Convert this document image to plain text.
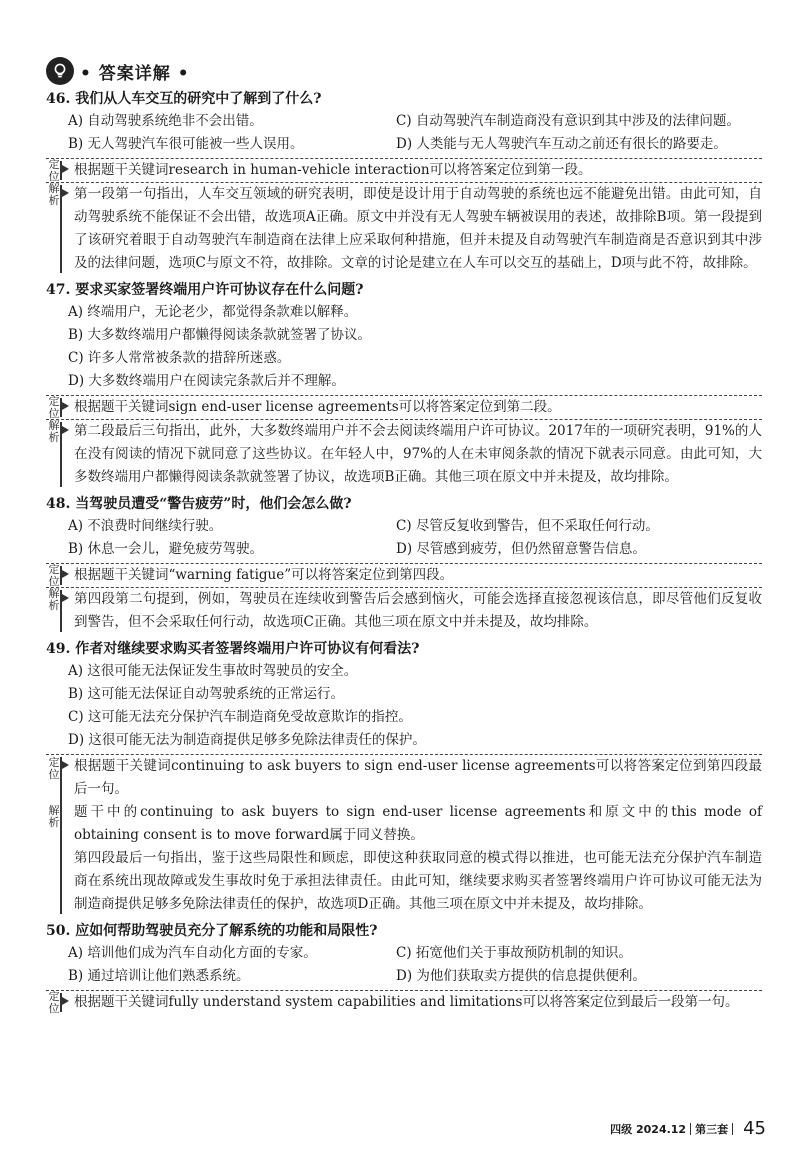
• 答案详解 •

46. 我们从人车交互的研究中了解到了什么?

A) 自动驾驶系统绝非不会出错。	C) 自动驾驶汽车制造商没有意识到其中涉及的法律问题。
B) 无人驾驶汽车很可能被一些人误用。	D) 人类能与无人驾驶汽车互动之前还有很长的路要走。
定位 根据题干关键词research in human-vehicle interaction可以将答案定位到第一段。

解析 第一段第一句指出，人车交互领域的研究表明，即使是设计用于自动驾驶的系统也远不能避免出错。由此可知，自动驾驶系统不能保证不会出错，故选项A正确。原文中并没有无人驾驶车辆被误用的表述，故排除B项。第一段提到了该研究着眼于自动驾驶汽车制造商在法律上应采取何种措施，但并未提及自动驾驶汽车制造商是否意识到其中涉及的法律问题，选项C与原文不符，故排除。文章的讨论是建立在人车可以交互的基础上，D项与此不符，故排除。

47. 要求买家签署终端用户许可协议存在什么问题?

A) 终端用户，无论老少，都觉得条款难以解释。
B) 大多数终端用户都懒得阅读条款就签署了协议。
C) 许多人常常被条款的措辞所迷惑。
D) 大多数终端用户在阅读完条款后并不理解。
定位 根据题干关键词sign end-user license agreements可以将答案定位到第二段。

解析 第二段最后三句指出，此外，大多数终端用户并不会去阅读终端用户许可协议。2017年的一项研究表明，91%的人在没有阅读的情况下就同意了这些协议。在年轻人中，97%的人在未审阅条款的情况下就表示同意。由此可知，大多数终端用户都懒得阅读条款就签署了协议，故选项B正确。其他三项在原文中并未提及，故均排除。

48. 当驾驶员遭受“警告疲劳”时，他们会怎么做?

A) 不浪费时间继续行驶。	C) 尽管反复收到警告，但不采取任何行动。
B) 休息一会儿，避免疲劳驾驶。	D) 尽管感到疲劳，但仍然留意警告信息。
定位 根据题干关键词“warning fatigue”可以将答案定位到第四段。

解析 第四段第二句提到，例如，驾驶员在连续收到警告后会感到恼火，可能会选择直接忽视该信息，即尽管他们反复收到警告，但不会采取任何行动，故选项C正确。其他三项在原文中并未提及，故均排除。

49. 作者对继续要求购买者签署终端用户许可协议有何看法?

A) 这很可能无法保证发生事故时驾驶员的安全。
B) 这可能无法保证自动驾驶系统的正常运行。
C) 这可能无法充分保护汽车制造商免受故意欺诈的指控。
D) 这很可能无法为制造商提供足够多免除法律责任的保护。
定位
解析

根据题干关键词continuing to ask buyers to sign end-user license agreements可以将答案定位到第四段最后一句。

题干中的continuing to ask buyers to sign end-user license agreements和原文中的this mode of obtaining consent is to move forward属于同义替换。

第四段最后一句指出，鉴于这些局限性和顾虑，即使这种获取同意的模式得以推进，也可能无法充分保护汽车制造商在系统出现故障或发生事故时免于承担法律责任。由此可知，继续要求购买者签署终端用户许可协议可能无法为制造商提供足够多免除法律责任的保护，故选项D正确。其他三项在原文中并未提及，故均排除。

50. 应如何帮助驾驶员充分了解系统的功能和局限性?

A) 培训他们成为汽车自动化方面的专家。	C) 拓宽他们关于事故预防机制的知识。
B) 通过培训让他们熟悉系统。	D) 为他们获取卖方提供的信息提供便利。
定位 根据题干关键词fully understand system capabilities and limitations可以将答案定位到最后一段第一句。

四级 2024.12 第三套 45
